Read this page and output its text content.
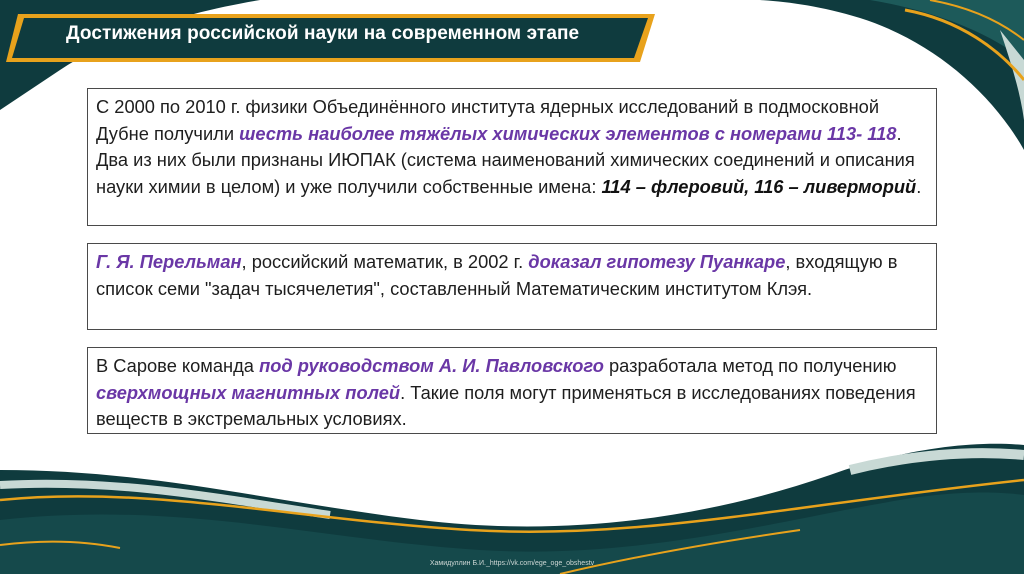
Достижения российской науки на современном этапе
С 2000 по 2010 г. физики Объединённого института ядерных исследований в подмосковной Дубне получили шесть наиболее тяжёлых химических элементов с номерами 113- 118. Два из них были признаны ИЮПАК (система наименований химических соединений и описания науки химии в целом) и уже получили собственные имена: 114 – флеровий, 116 – ливерморий.
Г. Я. Перельман, российский математик, в 2002 г. доказал гипотезу Пуанкаре, входящую в список семи "задач тысячелетия", составленный Математическим институтом Клэя.
В Сарове команда под руководством А. И. Павловского разработала метод по получению сверхмощных магнитных полей. Такие поля могут применяться в исследованиях поведения веществ в экстремальных условиях.
Хамидуллин Б.И._https://vk.com/ege_oge_obshestv
